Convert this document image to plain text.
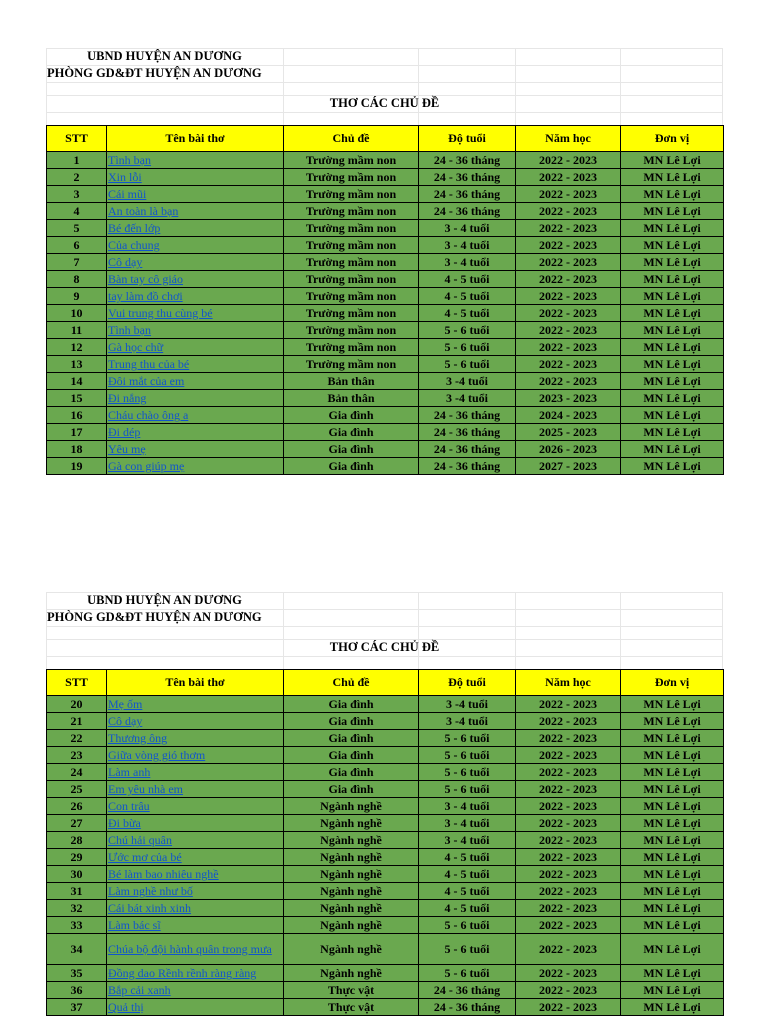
UBND HUYỆN AN DƯƠNG
PHÒNG GD&ĐT HUYỆN AN DƯƠNG
THƠ CÁC CHỦ ĐỀ
STT	Tên bài thơ	Chủ đề	Độ tuổi	Năm học	Đơn vị
1	Tình bạn	Trường mầm non	24 - 36 tháng	2022 - 2023	MN Lê Lợi
2	Xin lỗi	Trường mầm non	24 - 36 tháng	2022 - 2023	MN Lê Lợi
3	Cái mũi	Trường mầm non	24 - 36 tháng	2022 - 2023	MN Lê Lợi
4	An toàn là bạn	Trường mầm non	24 - 36 tháng	2022 - 2023	MN Lê Lợi
5	Bé đến lớp	Trường mầm non	3 - 4 tuổi	2022 - 2023	MN Lê Lợi
6	Của chung	Trường mầm non	3 - 4 tuổi	2022 - 2023	MN Lê Lợi
7	Cô dạy	Trường mầm non	3 - 4 tuổi	2022 - 2023	MN Lê Lợi
8	Bàn tay cô giáo	Trường mầm non	4 - 5 tuổi	2022 - 2023	MN Lê Lợi
9	tay làm đồ chơi	Trường mầm non	4 - 5 tuổi	2022 - 2023	MN Lê Lợi
10	Vui trung thu cùng bé	Trường mầm non	4 - 5 tuổi	2022 - 2023	MN Lê Lợi
11	Tình bạn	Trường mầm non	5 - 6 tuổi	2022 - 2023	MN Lê Lợi
12	Gà học chữ	Trường mầm non	5 - 6 tuổi	2022 - 2023	MN Lê Lợi
13	Trung thu của bé	Trường mầm non	5 - 6 tuổi	2022 - 2023	MN Lê Lợi
14	Đôi mắt của em	Bản thân	3 -4 tuổi	2022 - 2023	MN Lê Lợi
15	Đi nắng	Bản thân	3 -4 tuổi	2023 - 2023	MN Lê Lợi
16	Cháu chào ông a	Gia đình	24 - 36 tháng	2024 - 2023	MN Lê Lợi
17	Đi dép	Gia đình	24 - 36 tháng	2025 - 2023	MN Lê Lợi
18	Yêu mẹ	Gia đình	24 - 36 tháng	2026 - 2023	MN Lê Lợi
19	Gà con giúp mẹ	Gia đình	24 - 36 tháng	2027 - 2023	MN Lê Lợi
UBND HUYỆN AN DƯƠNG
PHÒNG GD&ĐT HUYỆN AN DƯƠNG
THƠ CÁC CHỦ ĐỀ
STT	Tên bài thơ	Chủ đề	Độ tuổi	Năm học	Đơn vị
20	Mẹ ốm	Gia đình	3 -4 tuổi	2022 - 2023	MN Lê Lợi
21	Cô dạy	Gia đình	3 -4 tuổi	2022 - 2023	MN Lê Lợi
22	Thương ông	Gia đình	5 - 6 tuổi	2022 - 2023	MN Lê Lợi
23	Giữa vòng gió thơm	Gia đình	5 - 6 tuổi	2022 - 2023	MN Lê Lợi
24	Làm anh	Gia đình	5 - 6 tuổi	2022 - 2023	MN Lê Lợi
25	Em yêu nhà em	Gia đình	5 - 6 tuổi	2022 - 2023	MN Lê Lợi
26	Con trâu	Ngành nghề	3 - 4 tuổi	2022 - 2023	MN Lê Lợi
27	Đi bừa	Ngành nghề	3 - 4 tuổi	2022 - 2023	MN Lê Lợi
28	Chú hải quân	Ngành nghề	3 - 4 tuổi	2022 - 2023	MN Lê Lợi
29	Ước mơ của bé	Ngành nghề	4 - 5 tuổi	2022 - 2023	MN Lê Lợi
30	Bé làm bao nhiêu nghề	Ngành nghề	4 - 5 tuổi	2022 - 2023	MN Lê Lợi
31	Làm nghề như bố	Ngành nghề	4 - 5 tuổi	2022 - 2023	MN Lê Lợi
32	Cái bát xinh xinh	Ngành nghề	4 - 5 tuổi	2022 - 2023	MN Lê Lợi
33	Làm bác sĩ	Ngành nghề	5 - 6 tuổi	2022 - 2023	MN Lê Lợi
34	Chúa bộ đội hành quân trong mưa	Ngành nghề	5 - 6 tuổi	2022 - 2023	MN Lê Lợi
35	Đồng dao Rềnh rềnh ràng ràng	Ngành nghề	5 - 6 tuổi	2022 - 2023	MN Lê Lợi
36	Bắp cải xanh	Thực vật	24 - 36 tháng	2022 - 2023	MN Lê Lợi
37	Quả thị	Thực vật	24 - 36 tháng	2022 - 2023	MN Lê Lợi
